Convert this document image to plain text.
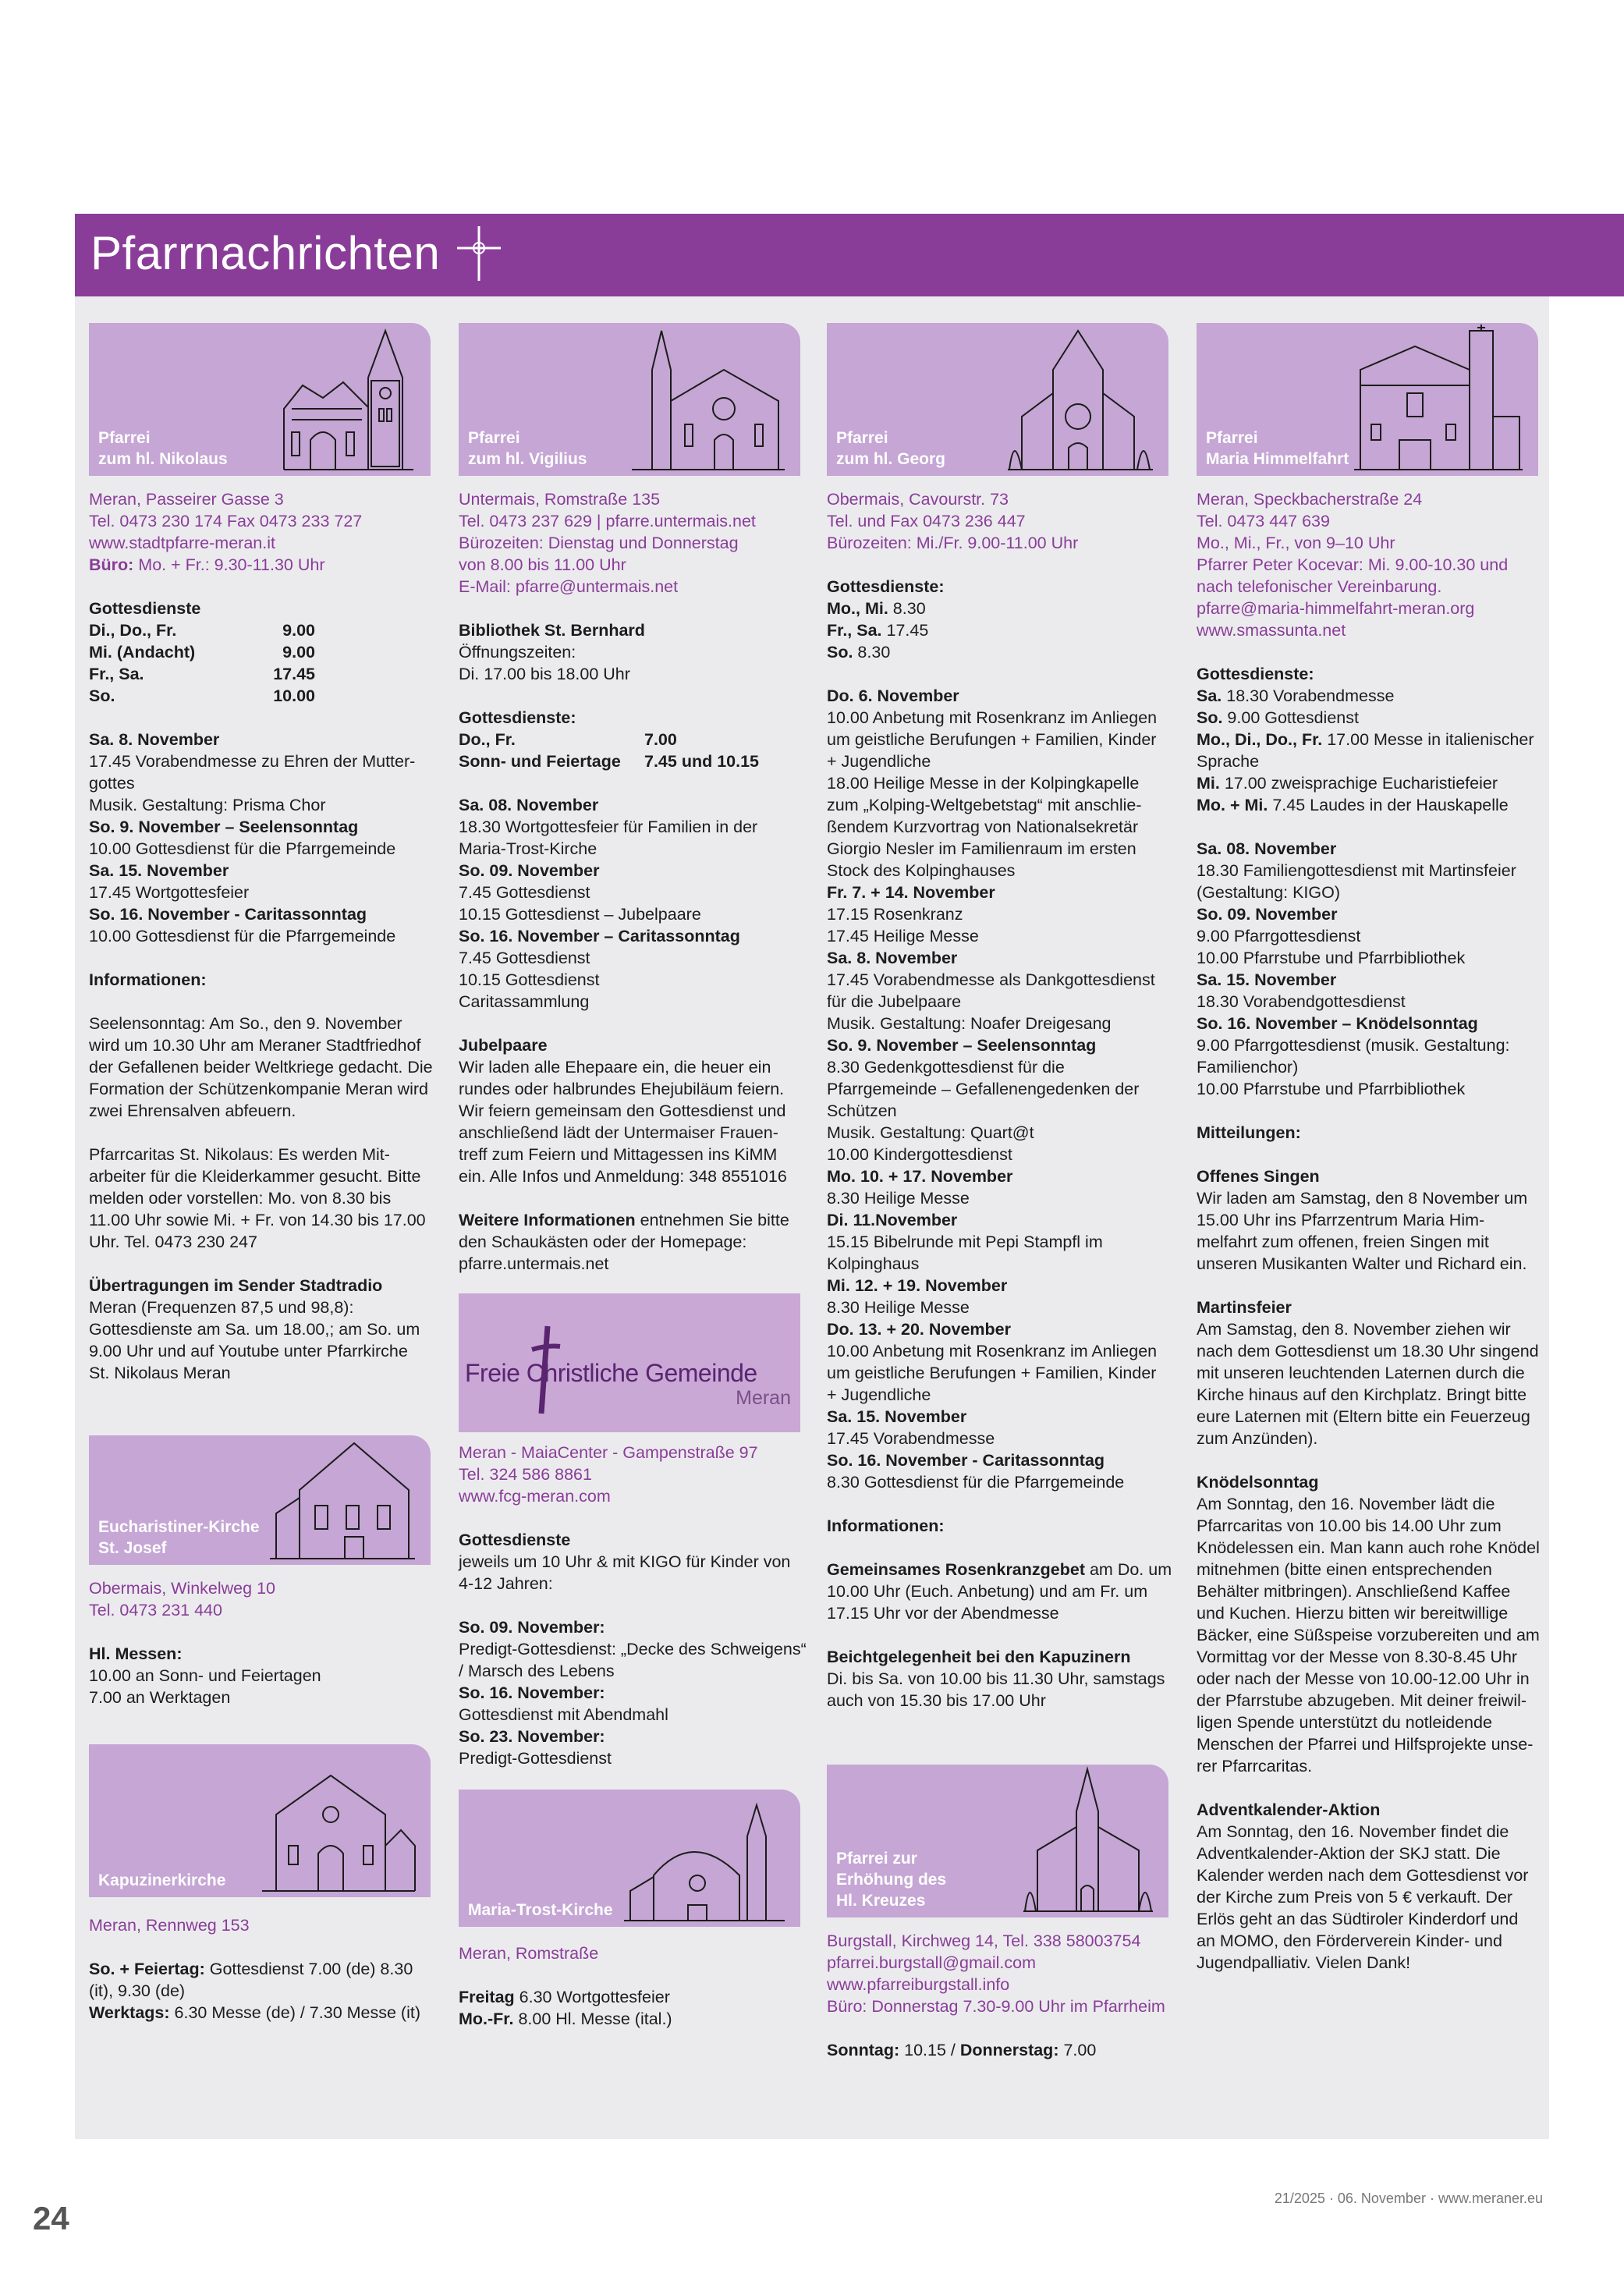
Pfarrnachrichten
Pfarrei
zum hl. Nikolaus

Meran, Passeirer Gasse 3

Tel. 0473 230 174 Fax 0473 233 727

www.stadtpfarre-meran.it

Büro: Mo. + Fr.: 9.30-11.30 Uhr

Gottesdienste

Di., Do., Fr.	9.00
Mi. (Andacht)	9.00
Fr., Sa.	17.45
So.	10.00

Sa. 8. November

17.45 Vorabendmesse zu Ehren der Mutter-

gottes

Musik. Gestaltung: Prisma Chor

So. 9. November – Seelensonntag

10.00 Gottesdienst für die Pfarrgemeinde

Sa. 15. November

17.45 Wortgottesfeier

So. 16. November - Caritassonntag

10.00 Gottesdienst für die Pfarrgemeinde

Informationen:

Seelensonntag: Am So., den 9. November

wird um 10.30 Uhr am Meraner Stadtfriedhof

der Gefallenen beider Weltkriege gedacht. Die

Formation der Schützenkompanie Meran wird

zwei Ehrensalven abfeuern.

Pfarrcaritas St. Nikolaus: Es werden Mit-

arbeiter für die Kleiderkammer gesucht. Bitte

melden oder vorstellen: Mo. von 8.30 bis

11.00 Uhr sowie Mi. + Fr. von 14.30 bis 17.00

Uhr. Tel. 0473 230 247

Übertragungen im Sender Stadtradio

Meran (Frequenzen 87,5 und 98,8):

Gottesdienste am Sa. um 18.00,; am So. um

9.00 Uhr und auf Youtube unter Pfarrkirche

St. Nikolaus Meran

Eucharistiner-Kirche
St. Josef

Obermais, Winkelweg 10

Tel. 0473 231 440

Hl. Messen:

10.00 an Sonn- und Feiertagen

7.00 an Werktagen

Kapuzinerkirche

Meran, Rennweg 153

So. + Feiertag: Gottesdienst 7.00 (de) 8.30

(it), 9.30 (de)

Werktags: 6.30 Messe (de) / 7.30 Messe (it)

Pfarrei
zum hl. Vigilius

Untermais, Romstraße 135

Tel. 0473 237 629 | pfarre.untermais.net

Bürozeiten: Dienstag und Donnerstag

von 8.00 bis 11.00 Uhr

E-Mail: pfarre@untermais.net

Bibliothek St. Bernhard

Öffnungszeiten:

Di. 17.00 bis 18.00 Uhr

Gottesdienste:

Do., Fr.	7.00
Sonn- und Feiertage	7.45 und 10.15

Sa. 08. November

18.30 Wortgottesfeier für Familien in der

Maria-Trost-Kirche

So. 09. November

7.45 Gottesdienst

10.15 Gottesdienst – Jubelpaare

So. 16. November – Caritassonntag

7.45 Gottesdienst

10.15 Gottesdienst

Caritassammlung

Jubelpaare

Wir laden alle Ehepaare ein, die heuer ein

rundes oder halbrundes Ehejubiläum feiern.

Wir feiern gemeinsam den Gottesdienst und

anschließend lädt der Untermaiser Frauen-

treff zum Feiern und Mittagessen ins KiMM

ein. Alle Infos und Anmeldung: 348 8551016

Weitere Informationen entnehmen Sie bitte

den Schaukästen oder der Homepage:

pfarre.untermais.net

Freie Christliche Gemeinde
Meran

Meran - MaiaCenter - Gampenstraße 97

Tel. 324 586 8861

www.fcg-meran.com

Gottesdienste

jeweils um 10 Uhr & mit KIGO für Kinder von

4-12 Jahren:

So. 09. November:

Predigt-Gottesdienst: „Decke des Schweigens“

/ Marsch des Lebens

So. 16. November:

Gottesdienst mit Abendmahl

So. 23. November:

Predigt-Gottesdienst

Maria-Trost-Kirche

Meran, Romstraße

Freitag 6.30 Wortgottesfeier

Mo.-Fr. 8.00 Hl. Messe (ital.)

Pfarrei
zum hl. Georg

Obermais, Cavourstr. 73

Tel. und Fax 0473 236 447

Bürozeiten: Mi./Fr. 9.00-11.00 Uhr

Gottesdienste:

Mo., Mi. 8.30

Fr., Sa. 17.45

So. 8.30

Do. 6. November

10.00 Anbetung mit Rosenkranz im Anliegen

um geistliche Berufungen + Familien, Kinder

+ Jugendliche

18.00 Heilige Messe in der Kolpingkapelle

zum „Kolping-Weltgebetstag“ mit anschlie-

ßendem Kurzvortrag von Nationalsekretär

Giorgio Nesler im Familienraum im ersten

Stock des Kolpinghauses

Fr. 7. + 14. November

17.15 Rosenkranz

17.45 Heilige Messe

Sa. 8. November

17.45 Vorabendmesse als Dankgottesdienst

für die Jubelpaare

Musik. Gestaltung: Noafer Dreigesang

So. 9. November – Seelensonntag

8.30 Gedenkgottesdienst für die

Pfarrgemeinde – Gefallenengedenken der

Schützen

Musik. Gestaltung: Quart@t

10.00 Kindergottesdienst

Mo. 10. + 17. November

8.30 Heilige Messe

Di. 11.November

15.15 Bibelrunde mit Pepi Stampfl im

Kolpinghaus

Mi. 12. + 19. November

8.30 Heilige Messe

Do. 13. + 20. November

10.00 Anbetung mit Rosenkranz im Anliegen

um geistliche Berufungen + Familien, Kinder

+ Jugendliche

Sa. 15. November

17.45 Vorabendmesse

So. 16. November - Caritassonntag

8.30 Gottesdienst für die Pfarrgemeinde

Informationen:

Gemeinsames Rosenkranzgebet am Do. um

10.00 Uhr (Euch. Anbetung) und am Fr. um

17.15 Uhr vor der Abendmesse

Beichtgelegenheit bei den Kapuzinern

Di. bis Sa. von 10.00 bis 11.30 Uhr, samstags

auch von 15.30 bis 17.00 Uhr

Pfarrei zur
Erhöhung des
Hl. Kreuzes

Burgstall, Kirchweg 14, Tel. 338 58003754

pfarrei.burgstall@gmail.com

www.pfarreiburgstall.info

Büro: Donnerstag 7.30-9.00 Uhr im Pfarrheim

Sonntag: 10.15 / Donnerstag: 7.00

Pfarrei
Maria Himmelfahrt

Meran, Speckbacherstraße 24

Tel. 0473 447 639

Mo., Mi., Fr., von 9–10 Uhr

Pfarrer Peter Kocevar: Mi. 9.00-10.30 und

nach telefonischer Vereinbarung.

pfarre@maria-himmelfahrt-meran.org

www.smassunta.net

Gottesdienste:

Sa. 18.30 Vorabendmesse

So. 9.00 Gottesdienst

Mo., Di., Do., Fr. 17.00 Messe in italienischer

Sprache

Mi. 17.00 zweisprachige Eucharistiefeier

Mo. + Mi. 7.45 Laudes in der Hauskapelle

Sa. 08. November

18.30 Familiengottesdienst mit Martinsfeier

(Gestaltung: KIGO)

So. 09. November

9.00 Pfarrgottesdienst

10.00 Pfarrstube und Pfarrbibliothek

Sa. 15. November

18.30 Vorabendgottesdienst

So. 16. November – Knödelsonntag

9.00 Pfarrgottesdienst (musik. Gestaltung:

Familienchor)

10.00 Pfarrstube und Pfarrbibliothek

Mitteilungen:

Offenes Singen

Wir laden am Samstag, den 8 November um 15.00 Uhr ins Pfarrzentrum Maria Him-melfahrt zum offenen, freien Singen mit unseren Musikanten Walter und Richard ein.

Martinsfeier

Am Samstag, den 8. November ziehen wir nach dem Gottesdienst um 18.30 Uhr singend mit unseren leuchtenden Laternen durch die Kirche hinaus auf den Kirchplatz. Bringt bitte eure Laternen mit (Eltern bitte ein Feuerzeug zum Anzünden).

Knödelsonntag

Am Sonntag, den 16. November lädt die Pfarrcaritas von 10.00 bis 14.00 Uhr zum Knödelessen ein. Man kann auch rohe Knödel mitnehmen (bitte einen entsprechenden Behälter mitbringen). Anschließend Kaffee und Kuchen. Hierzu bitten wir bereitwillige Bäcker, eine Süßspeise vorzubereiten und am Vormittag vor der Messe von 8.30-8.45 Uhr oder nach der Messe von 10.00-12.00 Uhr in der Pfarrstube abzugeben. Mit deiner freiwil-ligen Spende unterstützt du notleidende Menschen der Pfarrei und Hilfsprojekte unse-rer Pfarrcaritas.

Adventkalender-Aktion

Am Sonntag, den 16. November findet die Adventkalender-Aktion der SKJ statt. Die Kalender werden nach dem Gottesdienst vor der Kirche zum Preis von 5 € verkauft. Der Erlös geht an das Südtiroler Kinderdorf und an MOMO, den Förderverein Kinder- und Jugendpalliativ. Vielen Dank!

24
21/2025 · 06. November · www.meraner.eu
